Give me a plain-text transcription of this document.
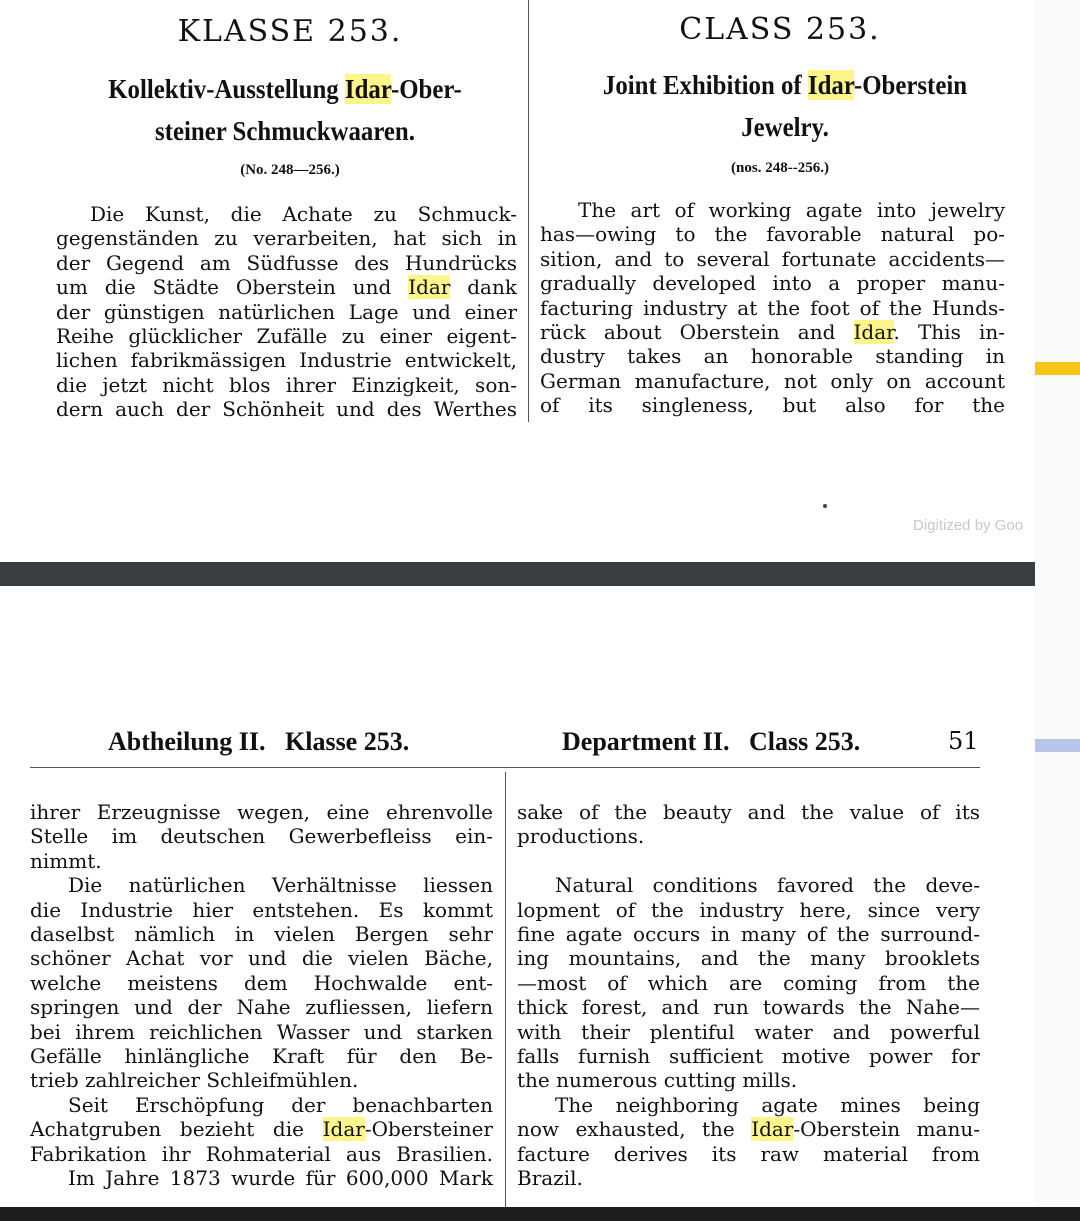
KLASSE 253.	CLASS 253.
Kollektiv-Ausstellung Idar-Ober-
steiner Schmuckwaaren.
Joint Exhibition of Idar-Oberstein
Jewelry.
(No. 248—256.)	(nos. 248--256.)
Die Kunst, die Achate zu Schmuck-
gegenständen zu verarbeiten, hat sich in
der Gegend am Südfusse des Hundrücks
um die Städte Oberstein und Idar dank
der günstigen natürlichen Lage und einer
Reihe glücklicher Zufälle zu einer eigent-
lichen fabrikmässigen Industrie entwickelt,
die jetzt nicht blos ihrer Einzigkeit, son-
dern auch der Schönheit und des Werthes
The art of working agate into jewelry
has—owing to the favorable natural po-
sition, and to several fortunate accidents—
gradually developed into a proper manu-
facturing industry at the foot of the Hunds-
rück about Oberstein and Idar. This in-
dustry takes an honorable standing in
German manufacture, not only on account
of its singleness, but also for the
Digitized by Goo
Abtheilung II.   Klasse 253.	Department II.   Class 253.	51
ihrer Erzeugnisse wegen, eine ehrenvolle
Stelle im deutschen Gewerbefleiss ein-
nimmt.
Die natürlichen Verhältnisse liessen
die Industrie hier entstehen. Es kommt
daselbst nämlich in vielen Bergen sehr
schöner Achat vor und die vielen Bäche,
welche meistens dem Hochwalde ent-
springen und der Nahe zufliessen, liefern
bei ihrem reichlichen Wasser und starken
Gefälle hinlängliche Kraft für den Be-
trieb zahlreicher Schleifmühlen.
Seit Erschöpfung der benachbarten
Achatgruben bezieht die Idar-Obersteiner
Fabrikation ihr Rohmaterial aus Brasilien.
Im Jahre 1873 wurde für 600,000 Mark
sake of the beauty and the value of its
productions.
Natural conditions favored the deve-
lopment of the industry here, since very
fine agate occurs in many of the surround-
ing mountains, and the many brooklets
—most of which are coming from the
thick forest, and run towards the Nahe—
with their plentiful water and powerful
falls furnish sufficient motive power for
the numerous cutting mills.
The neighboring agate mines being
now exhausted, the Idar-Oberstein manu-
facture derives its raw material from
Brazil.
